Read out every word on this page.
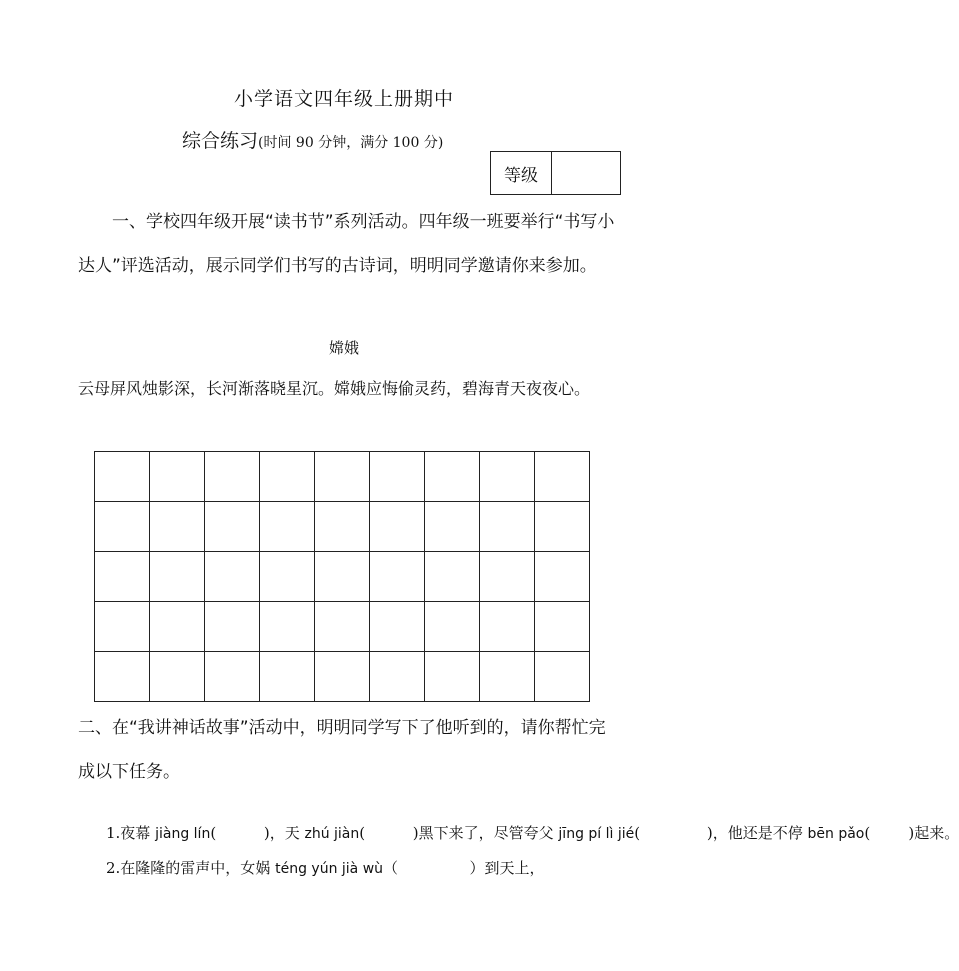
小学语文四年级上册期中
综合练习(时间 90 分钟，满分 100 分)
等级
一、学校四年级开展“读书节”系列活动。四年级一班要举行“书写小达人”评选活动，展示同学们书写的古诗词，明明同学邀请你来参加。
嫦娥
云母屏风烛影深，长河渐落晓星沉。嫦娥应悔偷灵药，碧海青天夜夜心。

二、在“我讲神话故事”活动中，明明同学写下了他听到的，请你帮忙完成以下任务。
1.夜幕 jiàng lín(          )，天 zhú jiàn(          )黑下来了，尽管夸父 jīng pí lì jié(              )，他还是不停 bēn pǎo(        )起来。
2.在隆隆的雷声中，女娲 téng yún jià wù（               ）到天上，
